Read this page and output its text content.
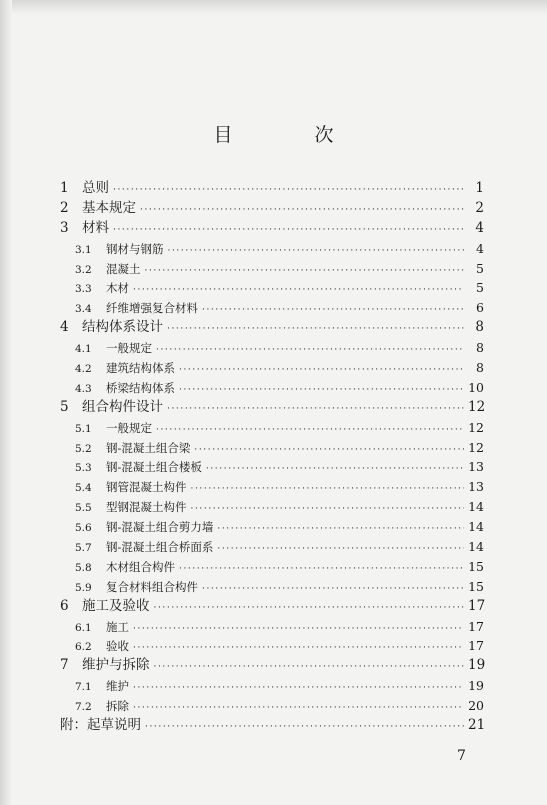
目 次
1 总则 ·····	1
2 基本规定 ·····	2
3 材料 ·····	4
3.1	钢材与钢筋 ·····	4
3.2	混凝土 ·····	5
3.3	木材 ·····	5
3.4	纤维增强复合材料 ·····	6
4 结构体系设计 ·····	8
4.1	一般规定 ·····	8
4.2	建筑结构体系 ·····	8
4.3	桥梁结构体系 ·····	10
5 组合构件设计 ·····	12
5.1	一般规定 ·····	12
5.2	钢-混凝土组合梁 ·····	12
5.3	钢-混凝土组合楼板 ·····	13
5.4	钢管混凝土构件 ·····	13
5.5	型钢混凝土构件 ·····	14
5.6	钢-混凝土组合剪力墙 ·····	14
5.7	钢-混凝土组合桥面系 ·····	14
5.8	木材组合构件 ·····	15
5.9	复合材料组合构件 ·····	15
6 施工及验收 ·····	17
6.1	施工 ·····	17
6.2	验收 ·····	17
7 维护与拆除 ·····	19
7.1	维护 ·····	19
7.2	拆除 ·····	20
附：起草说明 ·····	21
7
